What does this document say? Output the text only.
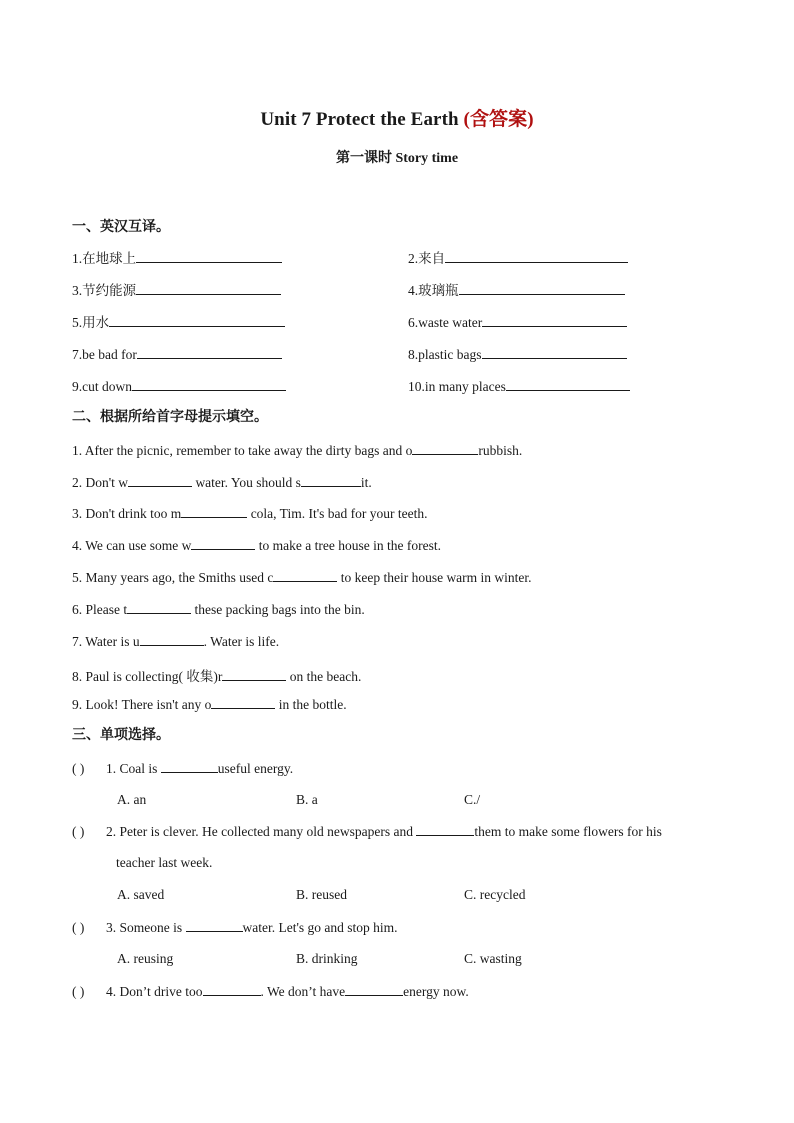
Unit 7 Protect the Earth (含答案)
第一课时 Story time
一、英汉互译。
1.在地球上	2.来自
3.节约能源	4.玻璃瓶
5.用水	6.waste water
7.be bad for	8.plastic bags
9.cut down	10.in many places
二、根据所给首字母提示填空。
1. After the picnic, remember to take away the dirty bags and o	rubbish.
2. Don't w	water. You should s	it.
3. Don't drink too m	cola, Tim. It's bad for your teeth.
4. We can use some w	to make a tree house in the forest.
5. Many years ago, the Smiths used c	to keep their house warm in winter.
6. Please t	these packing bags into the bin.
7. Water is u	. Water is life.
8. Paul is collecting( 收集)r	on the beach.
9. Look! There isn't any o	in the bottle.
三、单项选择。
( ) 1. Coal is	useful energy.
A. an	B. a	C./
( ) 2. Peter is clever. He collected many old newspapers and	them to make some flowers for his
teacher last week.
A. saved	B. reused	C. recycled
( ) 3. Someone is	water. Let's go and stop him.
A. reusing	B. drinking	C. wasting
( ) 4. Don’t drive too	. We don’t have	energy now.
